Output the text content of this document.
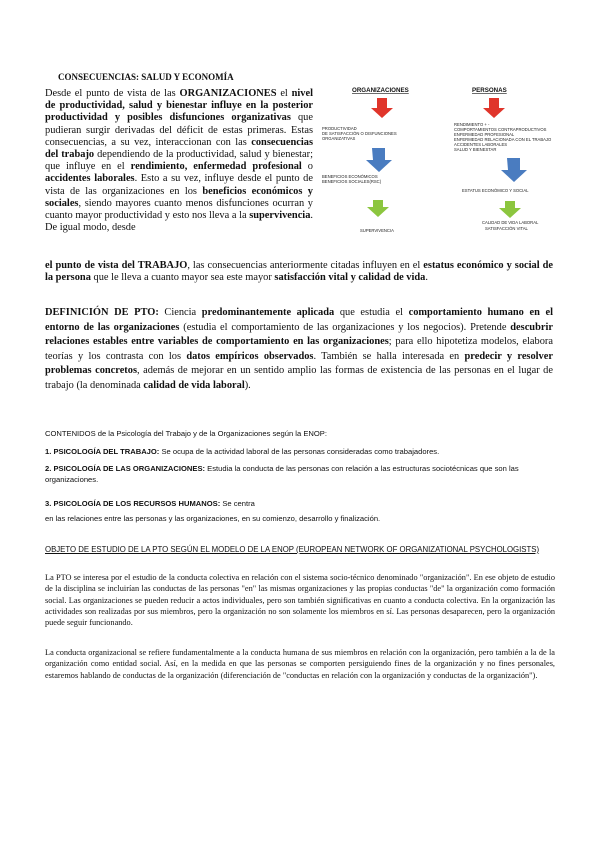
CONSECUENCIAS: SALUD Y ECONOMÍA
Desde el punto de vista de las ORGANIZACIONES el nivel de productividad, salud y bienestar influye en la posterior productividad y posibles disfunciones organizativas que pudieran surgir derivadas del déficit de estas primeras. Estas consecuencias, a su vez, interaccionan con las consecuencias del trabajo dependiendo de la productividad, salud y bienestar; que influye en el rendimiento, enfermedad profesional o accidentes laborales. Esto a su vez, influye desde el punto de vista de las organizaciones en los beneficios económicos y sociales, siendo mayores cuanto menos disfunciones ocurran y cuanto mayor productividad y esto nos lleva a la supervivencia. De igual modo, desde
el punto de vista del TRABAJO, las consecuencias anteriormente citadas influyen en el estatus económico y social de la persona que le lleva a cuanto mayor sea este mayor satisfacción vital y calidad de vida.
ORGANIZACIONES	PERSONAS
PRODUCTIVIDAD
DE SATISFACCIÓN O DISFUNCIONES
ORGANIZATIVAS
RENDIMIENTO + -
COMPORTAMIENTOS CONTRAPRODUCTIVOS
ENFERMEDAD PROFESIONAL
ENFERMEDAD RELACIONADA CON EL TRABAJO
ACCIDENTES LABORALES
SALUD Y BIENESTAR
BENEFICIOS ECONÓMICOS
BENEFICIOS SOCIALES(RSC)
ESTATUS ECONÓMICO Y SOCIAL
SUPERVIVENCIA
CALIDAD DE VIDA LABORAL
SATISFACCIÓN VITAL
DEFINICIÓN DE PTO: Ciencia predominantemente aplicada que estudia el comportamiento humano en el entorno de las organizaciones (estudia el comportamiento de las organizaciones y los negocios). Pretende descubrir relaciones estables entre variables de comportamiento en las organizaciones; para ello hipotetiza modelos, elabora teorías y los contrasta con los datos empíricos observados. También se halla interesada en predecir y resolver problemas concretos, además de mejorar en un sentido amplio las formas de existencia de las personas en el lugar de trabajo (la denominada calidad de vida laboral).
CONTENIDOS de la Psicología del Trabajo y de la Organizaciones según la ENOP:
1. PSICOLOGÍA DEL TRABAJO: Se ocupa de la actividad laboral de las personas consideradas como trabajadores.
2. PSICOLOGÍA DE LAS ORGANIZACIONES: Estudia la conducta de las personas con relación a las estructuras sociotécnicas que son las organizaciones.
3. PSICOLOGÍA DE LOS RECURSOS HUMANOS: Se centra
en las relaciones entre las personas y las organizaciones, en su comienzo, desarrollo y finalización.
OBJETO DE ESTUDIO DE LA PTO SEGÚN EL MODELO DE LA ENOP (EUROPEAN NETWORK OF ORGANIZATIONAL PSYCHOLOGISTS)
La PTO se interesa por el estudio de la conducta colectiva en relación con el sistema socio-técnico denominado "organización". En ese objeto de estudio de la disciplina se incluirían las conductas de las personas "en" las mismas organizaciones y las propias conductas "de" la organización como formación social. Las organizaciones se pueden reducir a actos individuales, pero son también significativas en cuanto a conducta colectiva. En la organización las actividades son realizadas por sus miembros, pero la organización no son solamente los miembros en sí. Las personas desaparecen, pero la organización puede seguir funcionando.
La conducta organizacional se refiere fundamentalmente a la conducta humana de sus miembros en relación con la organización, pero también a la de la organización como entidad social. Así, en la medida en que las personas se comporten persiguiendo fines de la organización y no fines personales, estaremos hablando de conductas de la organización (diferenciación de "conductas en relación con la organización y conductas de la organización").
